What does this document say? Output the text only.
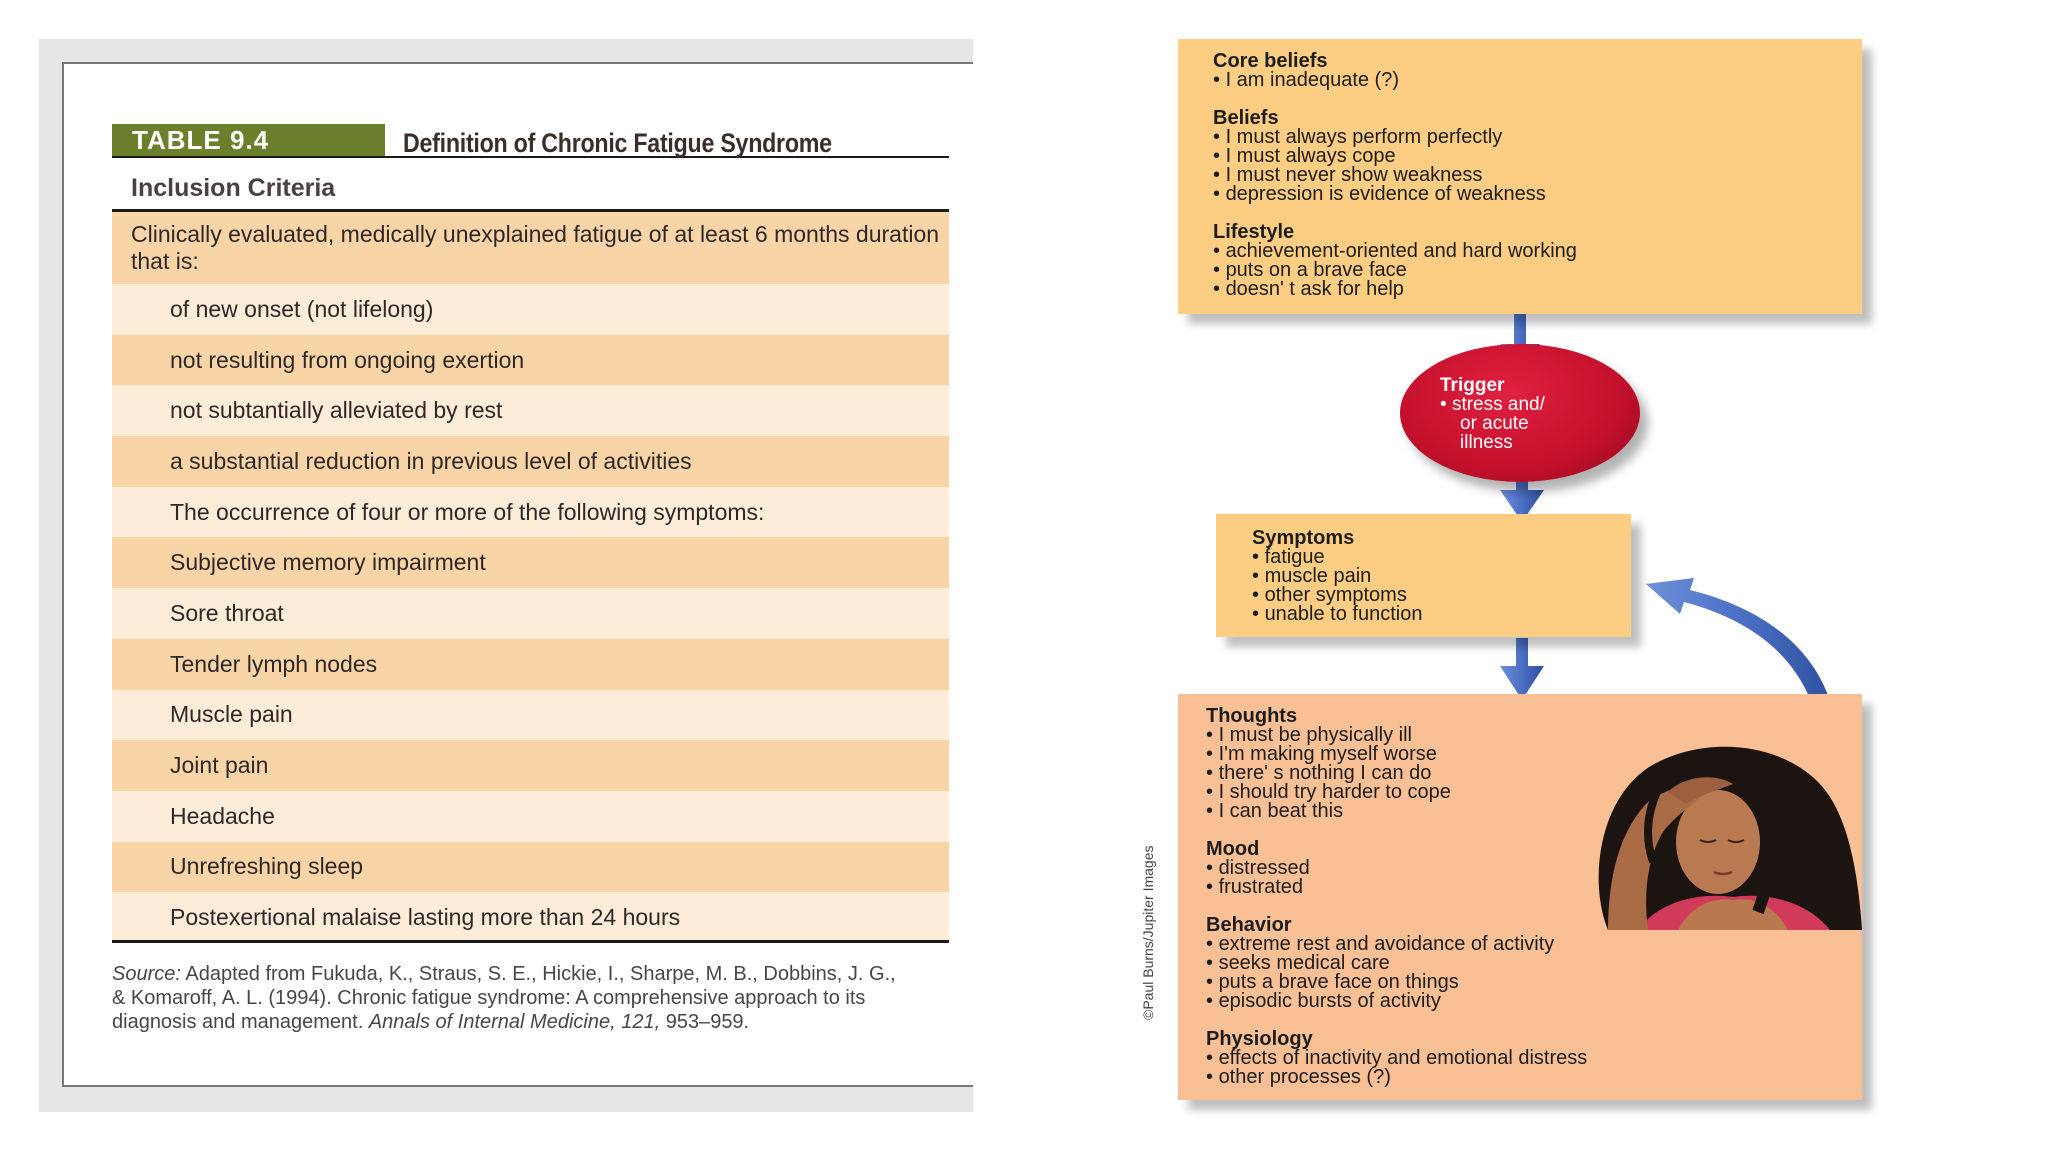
TABLE 9.4	Definition of Chronic Fatigue Syndrome
Inclusion Criteria
Clinically evaluated, medically unexplained fatigue of at least 6 months duration that is:
of new onset (not lifelong)
not resulting from ongoing exertion
not subtantially alleviated by rest
a substantial reduction in previous level of activities
The occurrence of four or more of the following symptoms:
Subjective memory impairment
Sore throat
Tender lymph nodes
Muscle pain
Joint pain
Headache
Unrefreshing sleep
Postexertional malaise lasting more than 24 hours
Source: Adapted from Fukuda, K., Straus, S. E., Hickie, I., Sharpe, M. B., Dobbins, J. G., & Komaroff, A. L. (1994). Chronic fatigue syndrome: A comprehensive approach to its diagnosis and management. Annals of Internal Medicine, 121, 953–959.
Core beliefs
• I am inadequate (?)
Beliefs
• I must always perform perfectly
• I must always cope
• I must never show weakness
• depression is evidence of weakness
Lifestyle
• achievement-oriented and hard working
• puts on a brave face
• doesn' t ask for help
Trigger
• stress and/
or acute
illness
Symptoms
• fatigue
• muscle pain
• other symptoms
• unable to function
Thoughts
• I must be physically ill
• I'm making myself worse
• there' s nothing I can do
• I should try harder to cope
• I can beat this
Mood
• distressed
• frustrated
Behavior
• extreme rest and avoidance of activity
• seeks medical care
• puts a brave face on things
• episodic bursts of activity
Physiology
• effects of inactivity and emotional distress
• other processes (?)
©Paul Burns/Jupiter Images
